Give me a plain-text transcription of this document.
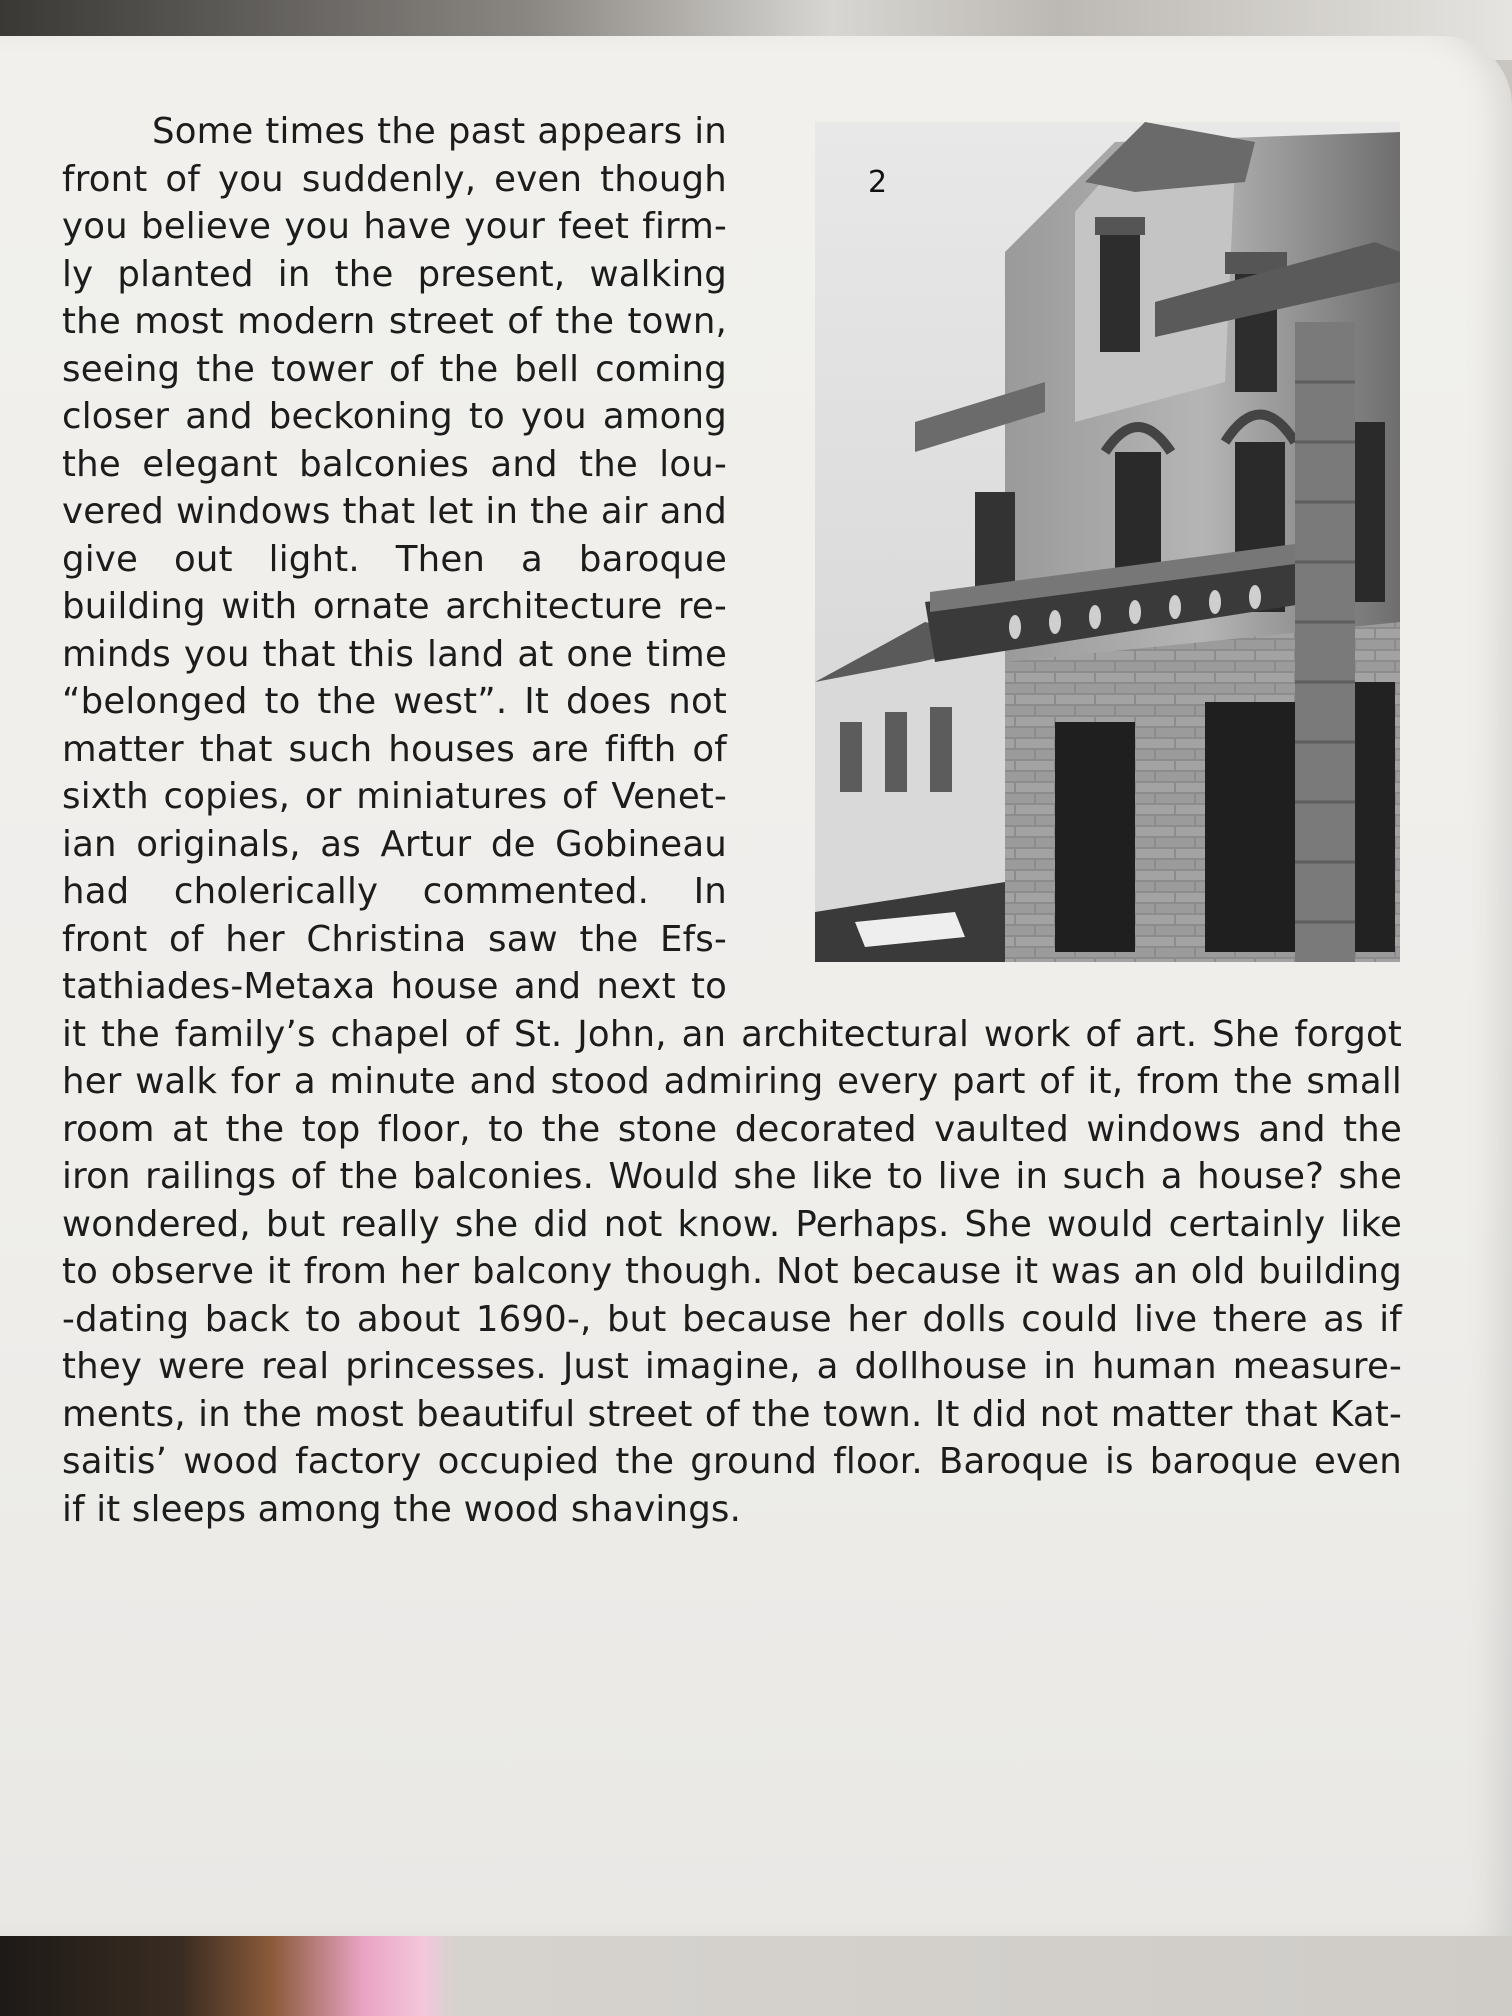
2
Some times the past appears in
front of you suddenly, even though
you believe you have your feet firm-
ly planted in the present, walking
the most modern street of the town,
seeing the tower of the bell coming
closer and beckoning to you among
the elegant balconies and the lou-
vered windows that let in the air and
give out light. Then a baroque
building with ornate architecture re-
minds you that this land at one time
“belonged to the west”. It does not
matter that such houses are fifth of
sixth copies, or miniatures of Venet-
ian originals, as Artur de Gobineau
had cholerically commented. In
front of her Christina saw the Efs-
tathiades-Metaxa house and next to
it the family’s chapel of St. John, an architectural work of art. She forgot
her walk for a minute and stood admiring every part of it, from the small
room at the top floor, to the stone decorated vaulted windows and the
iron railings of the balconies. Would she like to live in such a house? she
wondered, but really she did not know. Perhaps. She would certainly like
to observe it from her balcony though. Not because it was an old building
-dating back to about 1690-, but because her dolls could live there as if
they were real princesses. Just imagine, a dollhouse in human measure-
ments, in the most beautiful street of the town. It did not matter that Kat-
saitis’ wood factory occupied the ground floor. Baroque is baroque even
if it sleeps among the wood shavings.
